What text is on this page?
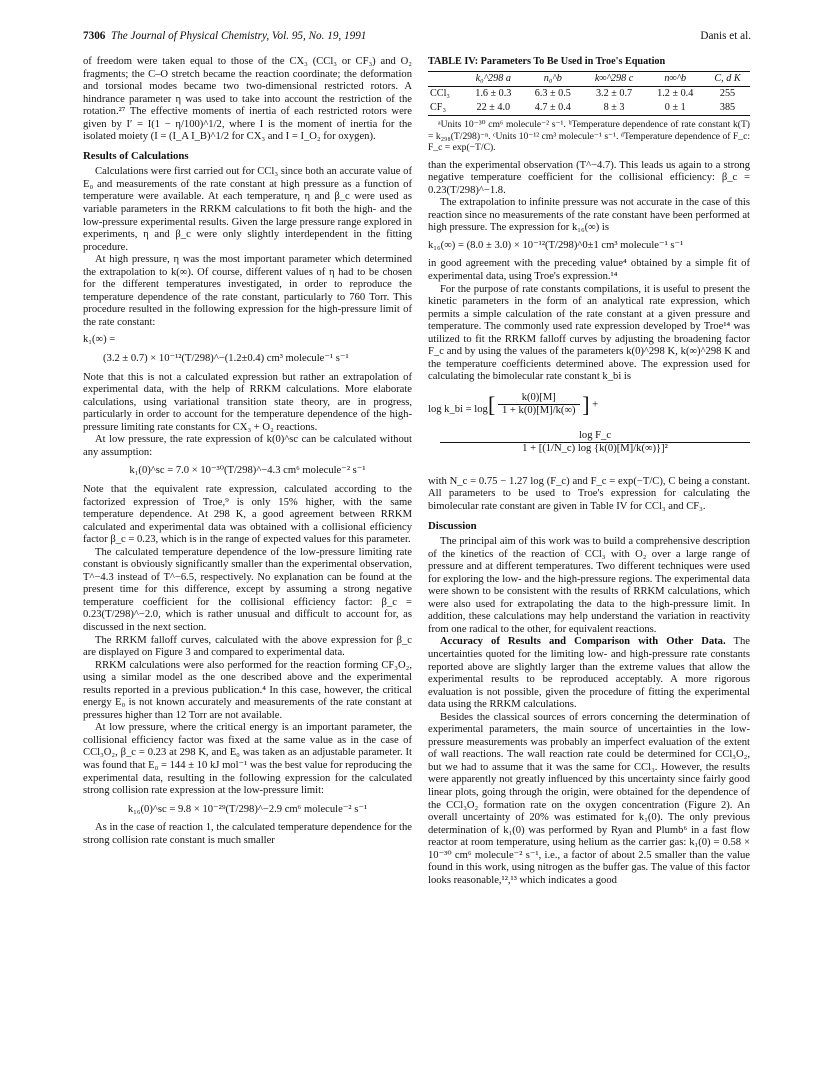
7306 The Journal of Physical Chemistry, Vol. 95, No. 19, 1991	Danis et al.

of freedom were taken equal to those of the CX₃ (CCl₃ or CF₃) and O₂ fragments; the C–O stretch became the reaction coordinate; the deformation and torsional modes became two two-dimensional restricted rotors. A hindrance parameter η was used to take into account the restriction of the rotation.²⁷ The effective moments of inertia of each restricted rotors were given by I′ = I(1 − η/100)^1/2, where I is the moment of inertia for the isolated moiety (I = (I_A I_B)^1/2 for CX₃ and I = I_O₂ for oxygen).

Results of Calculations

Calculations were first carried out for CCl₃ since both an accurate value of E₀ and measurements of the rate constant at high pressure as a function of temperature were available. At each temperature, η and β_c were used as variable parameters in the RRKM calculations to fit both the high- and the low-pressure experimental results. Given the large pressure range explored in experiments, η and β_c were only slightly interdependent in the fitting procedure.

At high pressure, η was the most important parameter which determined the extrapolation to k(∞). Of course, different values of η had to be chosen for the different temperatures investigated, in order to reproduce the temperature dependence of the rate constant, particularly to 760 Torr. This procedure resulted in the following expression for the high-pressure limit of the rate constant:

k₁(∞) =
(3.2 ± 0.7) × 10⁻¹²(T/298)^−(1.2±0.4) cm³ molecule⁻¹ s⁻¹

Note that this is not a calculated expression but rather an extrapolation of experimental data, with the help of RRKM calculations. More elaborate calculations, using variational transition state theory, are in progress, particularly in order to account for the temperature dependence of the high-pressure limiting rate constants for CX₃ + O₂ reactions.

At low pressure, the rate expression of k(0)^sc can be calculated without any assumption:

k₁(0)^sc = 7.0 × 10⁻³⁰(T/298)^−4.3 cm⁶ molecule⁻² s⁻¹

Note that the equivalent rate expression, calculated according to the factorized expression of Troe,⁹ is only 15% higher, with the same temperature dependence. At 298 K, a good agreement between RRKM calculated and experimental data was obtained with a collisional efficiency factor β_c = 0.23, which is in the range of expected values for this parameter.

The calculated temperature dependence of the low-pressure limiting rate constant is obviously significantly smaller than the experimental observation, T^−4.3 instead of T^−6.5, respectively. No explanation can be found at the present time for this difference, except by assuming a strong negative temperature coefficient for the collisional efficiency factor: β_c = 0.23(T/298)^−2.0, which is rather unusual and difficult to account for, as discussed in the next section.

The RRKM falloff curves, calculated with the above expression for β_c are displayed on Figure 3 and compared to experimental data.

RRKM calculations were also performed for the reaction forming CF₃O₂, using a similar model as the one described above and the experimental results reported in a previous publication.⁴ In this case, however, the critical energy E₀ is not known accurately and measurements of the rate constant at pressures higher than 12 Torr are not available.

At low pressure, where the critical energy is an important parameter, the collisional efficiency factor was fixed at the same value as in the case of CCl₃O₂, β_c = 0.23 at 298 K, and E₀ was taken as an adjustable parameter. It was found that E₀ = 144 ± 10 kJ mol⁻¹ was the best value for reproducing the experimental data, resulting in the following expression for the calculated strong collision rate expression at the low-pressure limit:

k₁₆(0)^sc = 9.8 × 10⁻²⁹(T/298)^−2.9 cm⁶ molecule⁻² s⁻¹

As in the case of reaction 1, the calculated temperature dependence for the strong collision rate constant is much smaller

TABLE IV: Parameters To Be Used in Troe's Equation
	k₀^298 a	n₀^b	k∞^298 c	n∞^b	C, d K
CCl₃	1.6 ± 0.3	6.3 ± 0.5	3.2 ± 0.7	1.2 ± 0.4	255
CF₃	22 ± 4.0	4.7 ± 0.4	8 ± 3	0 ± 1	385
ᵃUnits 10⁻³⁰ cm⁶ molecule⁻² s⁻¹. ᵇTemperature dependence of rate constant k(T) = k₂₉₈(T/298)⁻ⁿ. ᶜUnits 10⁻¹² cm³ molecule⁻¹ s⁻¹. ᵈTemperature dependence of F_c: F_c = exp(−T/C).

than the experimental observation (T^−4.7). This leads us again to a strong negative temperature coefficient for the collisional efficiency: β_c = 0.23(T/298)^−1.8.

The extrapolation to infinite pressure was not accurate in the case of this reaction since no measurements of the rate constant have been performed at high pressure. The expression for k₁₆(∞) is

k₁₆(∞) = (8.0 ± 3.0) × 10⁻¹²(T/298)^0±1 cm³ molecule⁻¹ s⁻¹

in good agreement with the preceding value⁴ obtained by a simple fit of experimental data, using Troe's expression.¹⁴

For the purpose of rate constants compilations, it is useful to present the kinetic parameters in the form of an analytical rate expression, which permits a simple calculation of the rate constant at a given pressure and temperature. The commonly used rate expression developed by Troe¹⁴ was utilized to fit the RRKM falloff curves by adjusting the broadening factor F_c and by using the values of the parameters k(0)^298 K, k(∞)^298 K and the temperature coefficients determined above. The expression used for calculating the bimolecular rate constant k_bi is

log k_bi = log [ $\frac{k(0)[M]}{1 + k(0)[M]/k(\infty)}$ ] +
$\frac{\text{log F\_c}}{\text{1 + [(1/N\_c) log \{k(0)[M]/k(∞)\}]²}}$

with N_c = 0.75 − 1.27 log (F_c) and F_c = exp(−T/C), C being a constant. All parameters to be used to Troe's expression for calculating the bimolecular rate constant are given in Table IV for CCl₃ and CF₃.

Discussion

The principal aim of this work was to build a comprehensive description of the kinetics of the reaction of CCl₃ with O₂ over a large range of pressure and at different temperatures. Two different techniques were used for exploring the low- and the high-pressure regions. The experimental data were shown to be consistent with the results of RRKM calculations, which were also used for extrapolating the data to the high-pressure limit. In addition, these calculations may help understand the variation in reactivity from one radical to the other, for equivalent reactions.

Accuracy of Results and Comparison with Other Data. The uncertainties quoted for the limiting low- and high-pressure rate constants reported above are slightly larger than the extreme values that allow the experimental results to be reproduced acceptably. A more rigorous evaluation is not possible, given the procedure of fitting the experimental data using the RRKM calculations.

Besides the classical sources of errors concerning the determination of experimental parameters, the main source of uncertainties in the low-pressure measurements was probably an imperfect evaluation of the extent of wall reactions. The wall reaction rate could be determined for CCl₃O₂, but we had to assume that it was the same for CCl₃. However, the results were apparently not greatly influenced by this uncertainty since fairly good linear plots, going through the origin, were obtained for the dependence of the CCl₃O₂ formation rate on the oxygen concentration (Figure 2). An overall uncertainty of 20% was estimated for k₁(0). The only previous determination of k₁(0) was performed by Ryan and Plumb⁶ in a fast flow reactor at room temperature, using helium as the carrier gas: k₁(0) = 0.58 × 10⁻³⁰ cm⁶ molecule⁻² s⁻¹, i.e., a factor of about 2.5 smaller than the value found in this work, using nitrogen as the buffer gas. The value of this factor looks reasonable,¹²,¹³ which indicates a good
